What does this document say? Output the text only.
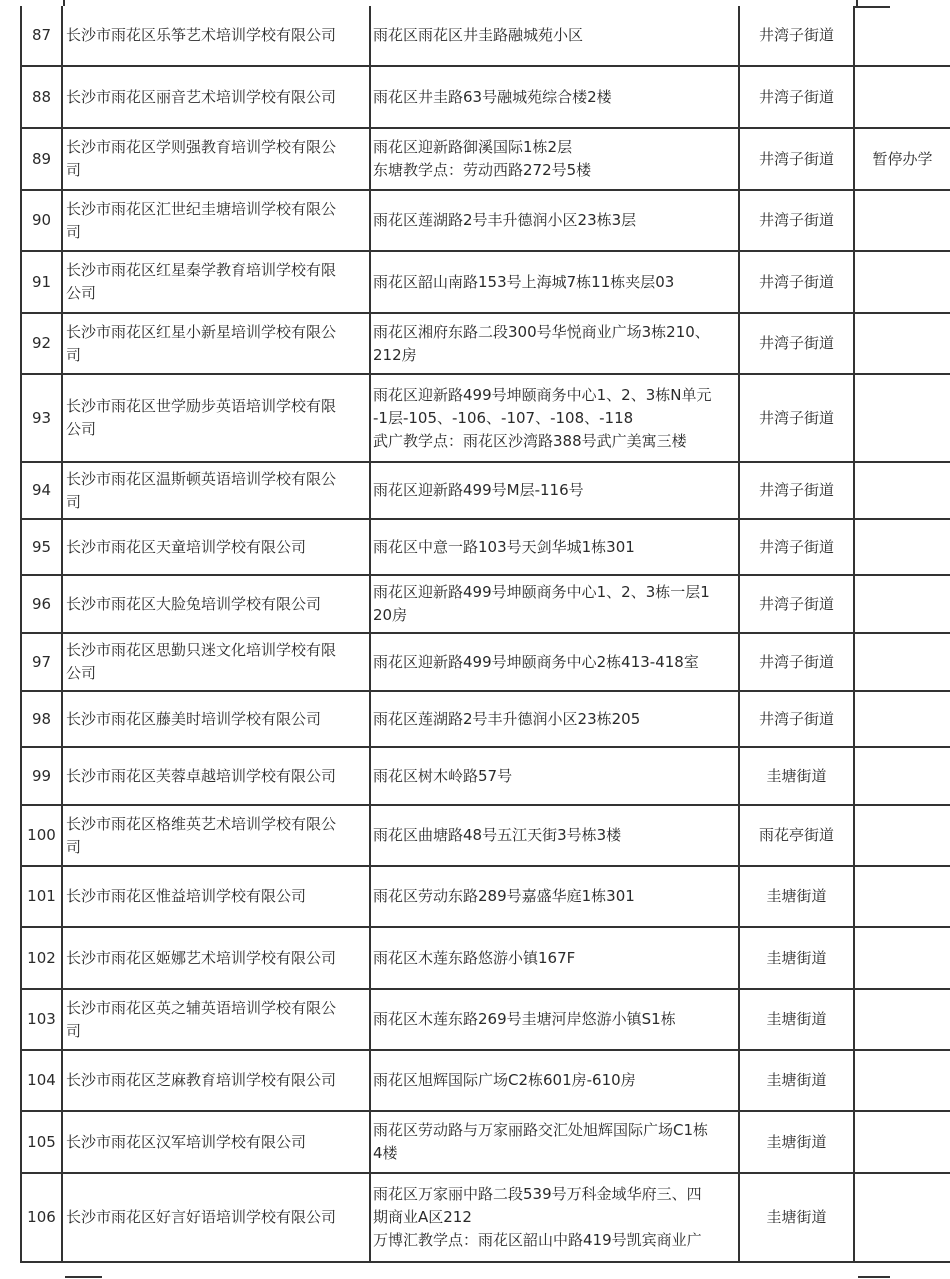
87	长沙市雨花区乐筝艺术培训学校有限公司	雨花区雨花区井圭路融城苑小区	井湾子街道	
88	长沙市雨花区丽音艺术培训学校有限公司	雨花区井圭路63号融城苑综合楼2楼	井湾子街道	
89	长沙市雨花区学则强教育培训学校有限公
司	雨花区迎新路御溪国际1栋2层
东塘教学点：劳动西路272号5楼	井湾子街道	暂停办学
90	长沙市雨花区汇世纪圭塘培训学校有限公
司	雨花区莲湖路2号丰升德润小区23栋3层	井湾子街道	
91	长沙市雨花区红星秦学教育培训学校有限
公司	雨花区韶山南路153号上海城7栋11栋夹层03	井湾子街道	
92	长沙市雨花区红星小新星培训学校有限公
司	雨花区湘府东路二段300号华悦商业广场3栋210、
212房	井湾子街道	
93	长沙市雨花区世学励步英语培训学校有限
公司	雨花区迎新路499号坤颐商务中心1、2、3栋N单元
-1层-105、-106、-107、-108、-118
武广教学点：雨花区沙湾路388号武广美寓三楼	井湾子街道	
94	长沙市雨花区温斯顿英语培训学校有限公
司	雨花区迎新路499号M层-116号	井湾子街道	
95	长沙市雨花区天童培训学校有限公司	雨花区中意一路103号天剑华城1栋301	井湾子街道	
96	长沙市雨花区大脸兔培训学校有限公司	雨花区迎新路499号坤颐商务中心1、2、3栋一层1
20房	井湾子街道	
97	长沙市雨花区思勤只迷文化培训学校有限
公司	雨花区迎新路499号坤颐商务中心2栋413-418室	井湾子街道	
98	长沙市雨花区藤美时培训学校有限公司	雨花区莲湖路2号丰升德润小区23栋205	井湾子街道	
99	长沙市雨花区芙蓉卓越培训学校有限公司	雨花区树木岭路57号	圭塘街道	
100	长沙市雨花区格维英艺术培训学校有限公
司	雨花区曲塘路48号五江天街3号栋3楼	雨花亭街道	
101	长沙市雨花区惟益培训学校有限公司	雨花区劳动东路289号嘉盛华庭1栋301	圭塘街道	
102	长沙市雨花区姬娜艺术培训学校有限公司	雨花区木莲东路悠游小镇167F	圭塘街道	
103	长沙市雨花区英之辅英语培训学校有限公
司	雨花区木莲东路269号圭塘河岸悠游小镇S1栋	圭塘街道	
104	长沙市雨花区芝麻教育培训学校有限公司	雨花区旭辉国际广场C2栋601房-610房	圭塘街道	
105	长沙市雨花区汉军培训学校有限公司	雨花区劳动路与万家丽路交汇处旭辉国际广场C1栋
4楼	圭塘街道	
106	长沙市雨花区好言好语培训学校有限公司	雨花区万家丽中路二段539号万科金域华府三、四
期商业A区212
万博汇教学点：雨花区韶山中路419号凯宾商业广	圭塘街道	
